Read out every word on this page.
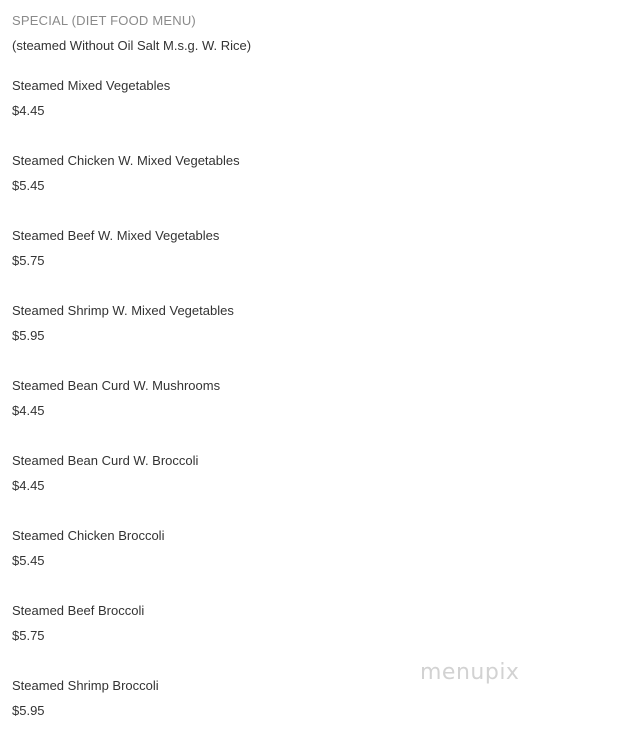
SPECIAL (DIET FOOD MENU)
(steamed Without Oil Salt M.s.g. W. Rice)
Steamed Mixed Vegetables
$4.45
Steamed Chicken W. Mixed Vegetables
$5.45
Steamed Beef W. Mixed Vegetables
$5.75
Steamed Shrimp W. Mixed Vegetables
$5.95
Steamed Bean Curd W. Mushrooms
$4.45
Steamed Bean Curd W. Broccoli
$4.45
Steamed Chicken Broccoli
$5.45
Steamed Beef Broccoli
$5.75
Steamed Shrimp Broccoli
$5.95
menupix
